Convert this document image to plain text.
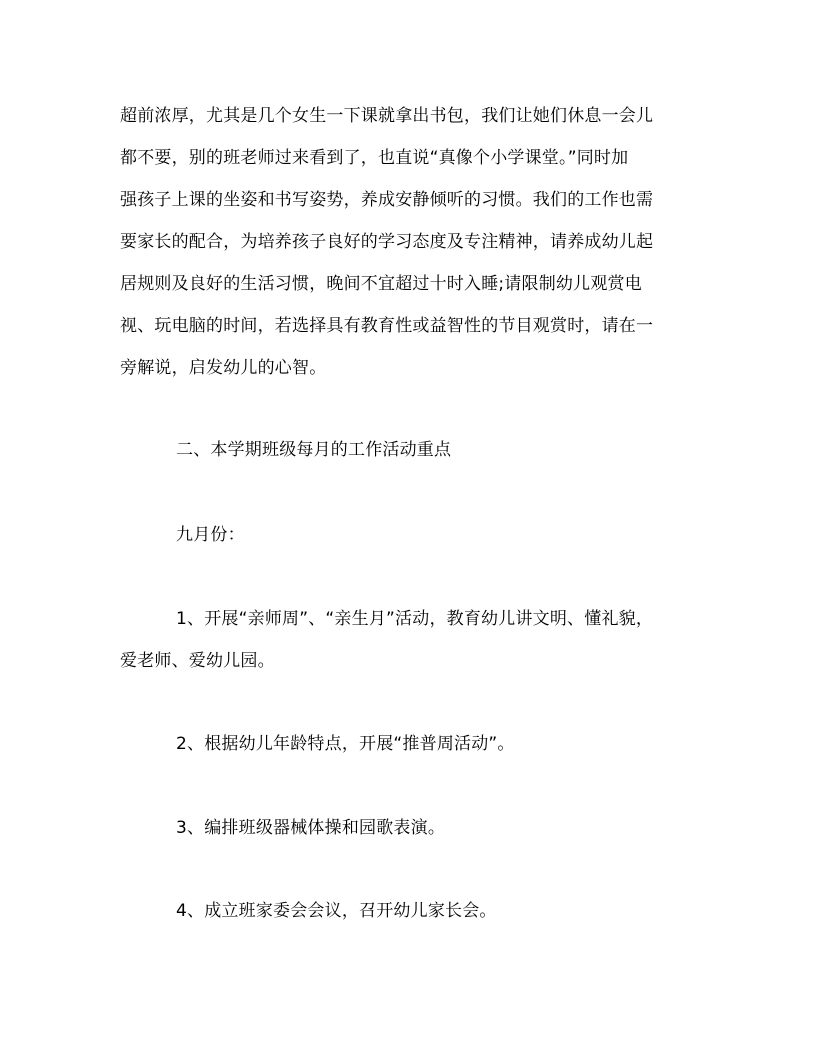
超前浓厚，尤其是几个女生一下课就拿出书包，我们让她们休息一会儿
都不要，别的班老师过来看到了，也直说“真像个小学课堂。”同时加
强孩子上课的坐姿和书写姿势，养成安静倾听的习惯。我们的工作也需
要家长的配合，为培养孩子良好的学习态度及专注精神，请养成幼儿起
居规则及良好的生活习惯，晚间不宜超过十时入睡;请限制幼儿观赏电
视、玩电脑的时间，若选择具有教育性或益智性的节目观赏时，请在一
旁解说，启发幼儿的心智。
二、本学期班级每月的工作活动重点
九月份：
1、开展“亲师周”、“亲生月”活动，教育幼儿讲文明、懂礼貌，
爱老师、爱幼儿园。
2、根据幼儿年龄特点，开展“推普周活动”。
3、编排班级器械体操和园歌表演。
4、成立班家委会会议，召开幼儿家长会。
